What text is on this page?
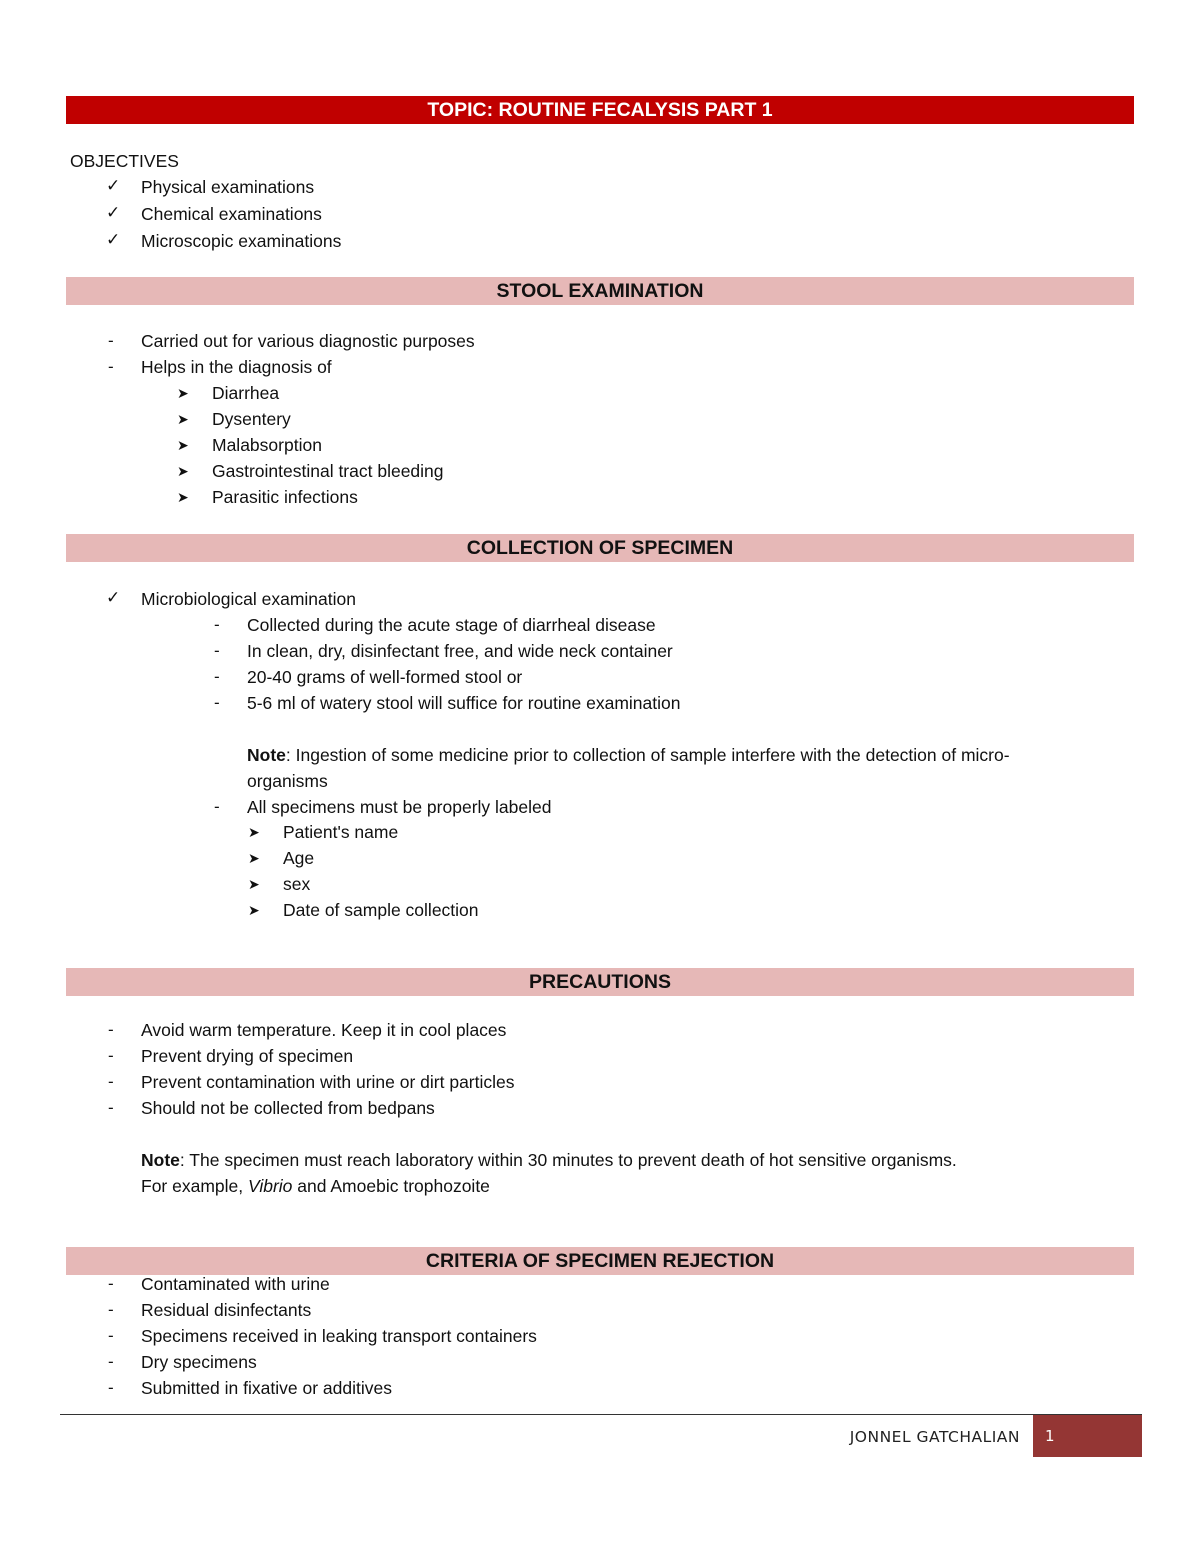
TOPIC: ROUTINE FECALYSIS PART 1
OBJECTIVES
✓ Physical examinations
✓ Chemical examinations
✓ Microscopic examinations
STOOL EXAMINATION
- Carried out for various diagnostic purposes
- Helps in the diagnosis of
➤ Diarrhea
➤ Dysentery
➤ Malabsorption
➤ Gastrointestinal tract bleeding
➤ Parasitic infections
COLLECTION OF SPECIMEN
✓ Microbiological examination
- Collected during the acute stage of diarrheal disease
- In clean, dry, disinfectant free, and wide neck container
- 20-40 grams of well-formed stool or
- 5-6 ml of watery stool will suffice for routine examination
Note: Ingestion of some medicine prior to collection of sample interfere with the detection of micro-
organisms
- All specimens must be properly labeled
➤ Patient's name
➤ Age
➤ sex
➤ Date of sample collection
PRECAUTIONS
- Avoid warm temperature. Keep it in cool places
- Prevent drying of specimen
- Prevent contamination with urine or dirt particles
- Should not be collected from bedpans
Note: The specimen must reach laboratory within 30 minutes to prevent death of hot sensitive organisms.
For example, Vibrio and Amoebic trophozoite
CRITERIA OF SPECIMEN REJECTION
- Contaminated with urine
- Residual disinfectants
- Specimens received in leaking transport containers
- Dry specimens
- Submitted in fixative or additives
JONNEL GATCHALIAN 1
